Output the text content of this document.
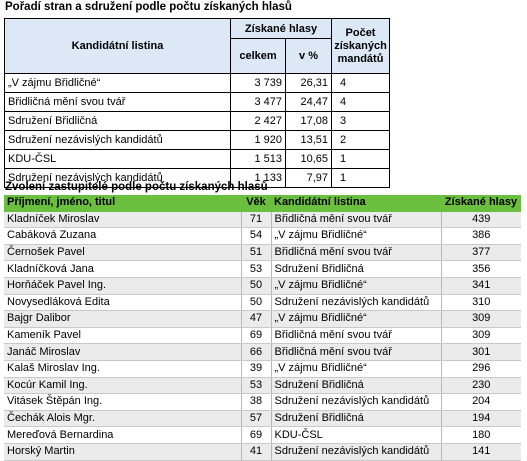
Pořadí stran a sdružení podle počtu získaných hlasů
Kandidátní listina	Získané hlasy		Počet získaných mandátů
	celkem	v %	
„V zájmu Břidličné“	3 739	26,31	4
Břidličná mění svou tvář	3 477	24,47	4
Sdružení Břidličná	2 427	17,08	3
Sdružení nezávislých kandidátů	1 920	13,51	2
KDU-ČSL	1 513	10,65	1
Sdružení nezávislých kandidátů	1 133	7,97	1
Zvolení zastupitelé podle počtu získaných hlasů
Příjmení, jméno, titul	Věk	Kandidátní listina	Získané hlasy
Kladníček Miroslav	71	Břidličná mění svou tvář	439
Cabáková Zuzana	54	„V zájmu Břidličné“	386
Černošek Pavel	51	Břidličná mění svou tvář	377
Kladníčková Jana	53	Sdružení Břidličná	356
Horňáček Pavel Ing.	50	„V zájmu Břidličné“	341
Novysedláková Edita	50	Sdružení nezávislých kandidátů	310
Bajgr Dalibor	47	„V zájmu Břidličné“	309
Kameník Pavel	69	Břidličná mění svou tvář	309
Janáč Miroslav	66	Břidličná mění svou tvář	301
Kalaš Miroslav Ing.	39	„V zájmu Břidličné“	296
Kocúr Kamil Ing.	53	Sdružení Břidličná	230
Vitásek Štěpán Ing.	38	Sdružení nezávislých kandidátů	204
Čechák Alois Mgr.	57	Sdružení Břidličná	194
Mereďová Bernardina	69	KDU-ČSL	180
Horský Martin	41	Sdružení nezávislých kandidátů	141
